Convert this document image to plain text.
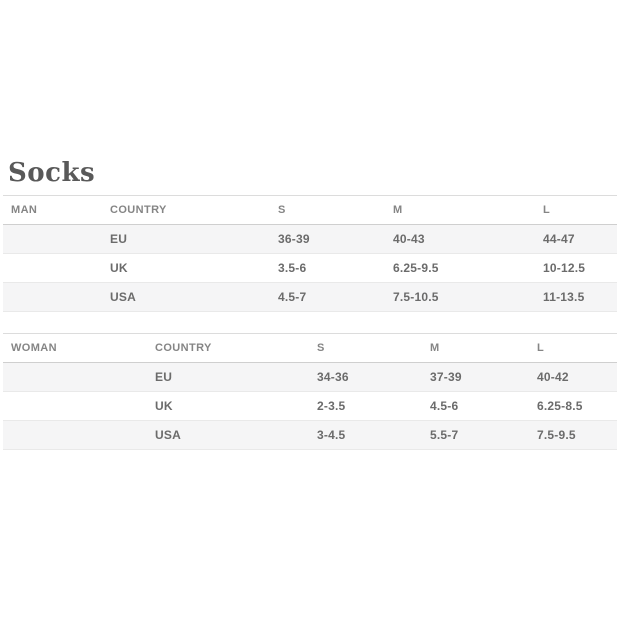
Socks
MAN	COUNTRY	S	M	L
	EU	36-39	40-43	44-47
	UK	3.5-6	6.25-9.5	10-12.5
	USA	4.5-7	7.5-10.5	11-13.5
WOMAN	COUNTRY	S	M	L
	EU	34-36	37-39	40-42
	UK	2-3.5	4.5-6	6.25-8.5
	USA	3-4.5	5.5-7	7.5-9.5
